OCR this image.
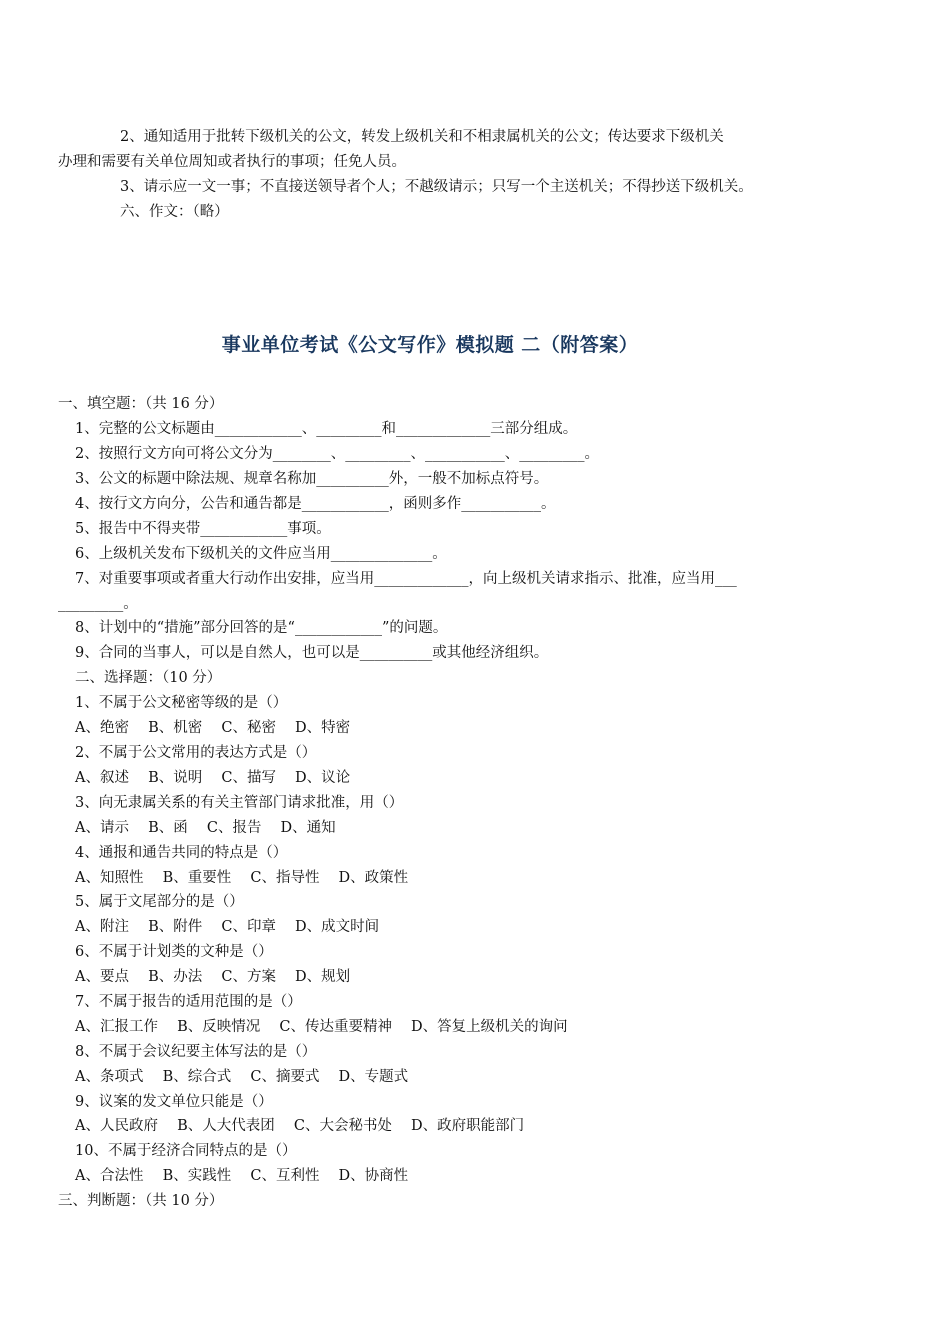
2、通知适用于批转下级机关的公文，转发上级机关和不相隶属机关的公文；传达要求下级机关
办理和需要有关单位周知或者执行的事项；任免人员。
3、请示应一文一事；不直接送领导者个人；不越级请示；只写一个主送机关；不得抄送下级机关。
六、作文：（略）
事业单位考试《公文写作》模拟题 二（附答案）
一、填空题：（共 16 分）
1、完整的公文标题由____________、_________和_____________三部分组成。
2、按照行文方向可将公文分为________、_________、___________、_________。
3、公文的标题中除法规、规章名称加__________外，一般不加标点符号。
4、按行文方向分，公告和通告都是____________，函则多作___________。
5、报告中不得夹带____________事项。
6、上级机关发布下级机关的文件应当用______________。
7、对重要事项或者重大行动作出安排，应当用_____________，向上级机关请求指示、批准，应当用___
_________。
8、计划中的“措施”部分回答的是“____________”的问题。
9、合同的当事人，可以是自然人，也可以是__________或其他经济组织。
二、选择题：（10 分）
1、不属于公文秘密等级的是（）
A、绝密　 B、机密　 C、秘密　 D、特密
2、不属于公文常用的表达方式是（）
A、叙述　 B、说明　 C、描写　 D、议论
3、向无隶属关系的有关主管部门请求批准，用（）
A、请示　 B、函　 C、报告　 D、通知
4、通报和通告共同的特点是（）
A、知照性　 B、重要性　 C、指导性　 D、政策性
5、属于文尾部分的是（）
A、附注　 B、附件　 C、印章　 D、成文时间
6、不属于计划类的文种是（）
A、要点　 B、办法　 C、方案　 D、规划
7、不属于报告的适用范围的是（）
A、汇报工作　 B、反映情况　 C、传达重要精神　 D、答复上级机关的询问
8、不属于会议纪要主体写法的是（）
A、条项式　 B、综合式　 C、摘要式　 D、专题式
9、议案的发文单位只能是（）
A、人民政府　 B、人大代表团　 C、大会秘书处　 D、政府职能部门
10、不属于经济合同特点的是（）
A、合法性　 B、实践性　 C、互利性　 D、协商性
三、判断题：（共 10 分）
